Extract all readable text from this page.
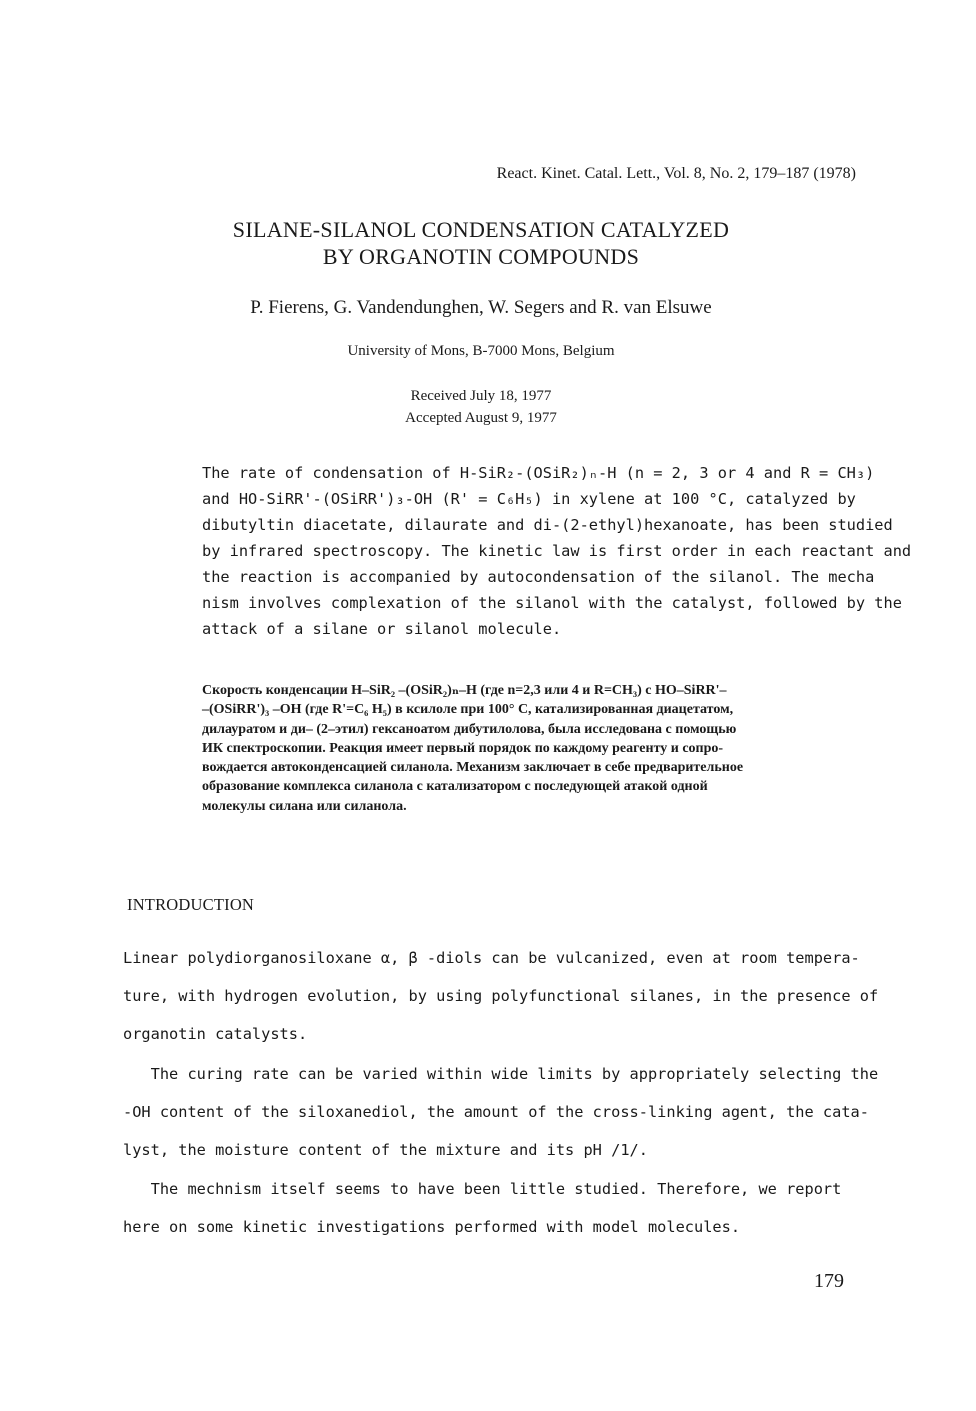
React. Kinet. Catal. Lett., Vol. 8, No. 2, 179–187 (1978)
SILANE-SILANOL CONDENSATION CATALYZED
BY ORGANOTIN COMPOUNDS
P. Fierens, G. Vandendunghen, W. Segers and R. van Elsuwe
University of Mons, B-7000 Mons, Belgium
Received July 18, 1977
Accepted August 9, 1977
The rate of condensation of H-SiR₂-(OSiR₂)ₙ-H (n = 2, 3 or 4 and R = CH₃)
and HO-SiRR'-(OSiRR')₃-OH (R' = C₆H₅) in xylene at 100 °C, catalyzed by
dibutyltin diacetate, dilaurate and di-(2-ethyl)hexanoate, has been studied
by infrared spectroscopy. The kinetic law is first order in each reactant and
the reaction is accompanied by autocondensation of the silanol. The mecha
nism involves complexation of the silanol with the catalyst, followed by the
attack of a silane or silanol molecule.
Скорость конденсации H–SiR₂ –(OSiR₂)ₙ–H (где n=2,3 или 4 и R=CH₃) с HO–SiRR'–
–(OSiRR')₃ –OH (где R'=C₆ H₅) в ксилоле при 100° C, катализированная диацетатом,
дилауратом и ди– (2–этил) гексаноатом дибутилолова, была исследована с помощью
ИК спектроскопии. Реакция имеет первый порядок по каждому реагенту и сопро-
вождается автоконденсацией силанола. Механизм заключает в себе предварительное
образование комплекса силанола с катализатором с последующей атакой одной
молекулы силана или силанола.
INTRODUCTION
Linear polydiorganosiloxane α, β -diols can be vulcanized, even at room tempera-
ture, with hydrogen evolution, by using polyfunctional silanes, in the presence of
organotin catalysts.
The curing rate can be varied within wide limits by appropriately selecting the
-OH content of the siloxanediol, the amount of the cross-linking agent, the cata-
lyst, the moisture content of the mixture and its pH /1/.
The mechnism itself seems to have been little studied. Therefore, we report
here on some kinetic investigations performed with model molecules.
179
